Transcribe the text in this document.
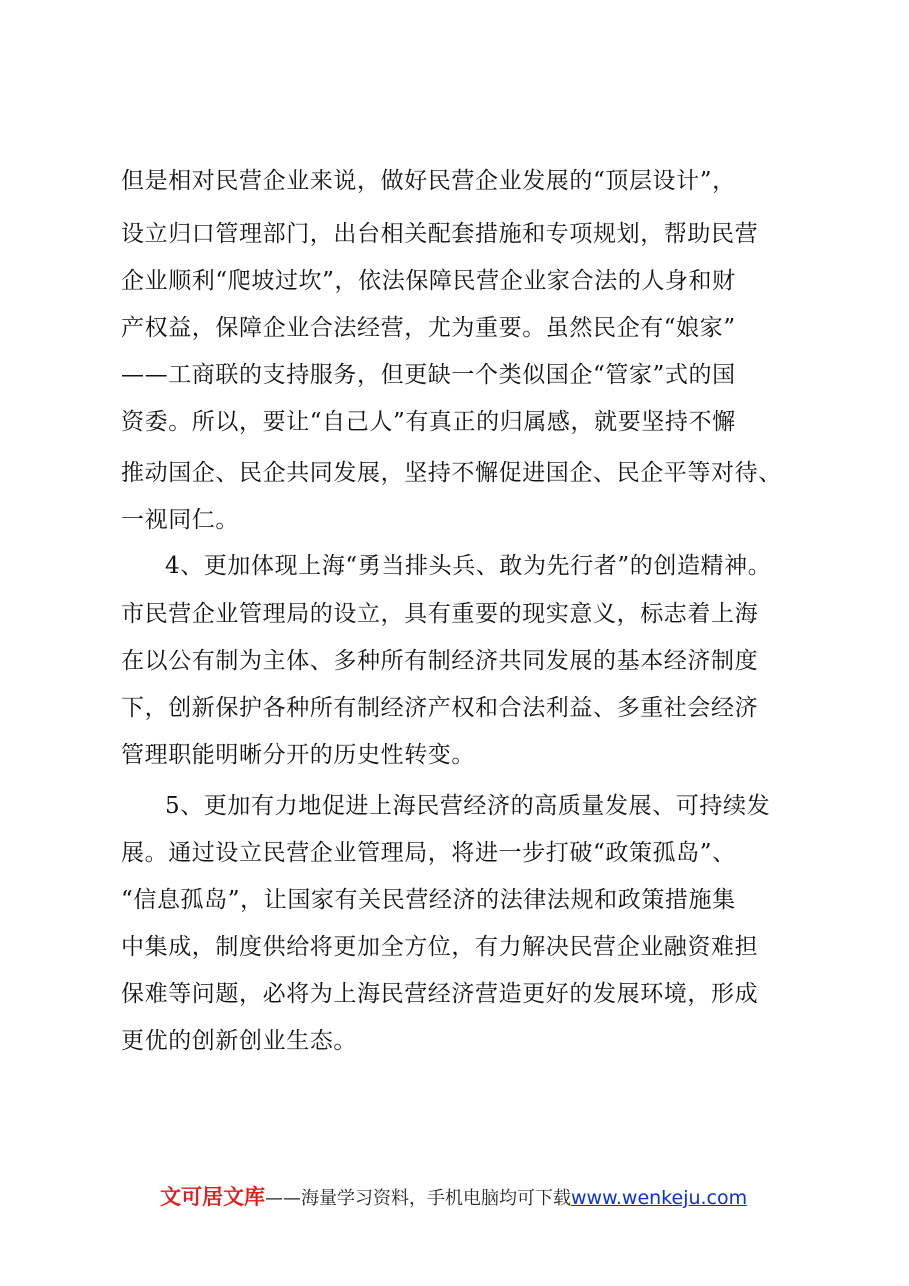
但是相对民营企业来说，做好民营企业发展的“顶层设计”，
设立归口管理部门，出台相关配套措施和专项规划，帮助民营
企业顺利“爬坡过坎”，依法保障民营企业家合法的人身和财
产权益，保障企业合法经营，尤为重要。虽然民企有“娘家”
——工商联的支持服务，但更缺一个类似国企“管家”式的国
资委。所以，要让“自己人”有真正的归属感，就要坚持不懈
推动国企、民企共同发展，坚持不懈促进国企、民企平等对待、
一视同仁。
4、更加体现上海“勇当排头兵、敢为先行者”的创造精神。
市民营企业管理局的设立，具有重要的现实意义，标志着上海
在以公有制为主体、多种所有制经济共同发展的基本经济制度
下，创新保护各种所有制经济产权和合法利益、多重社会经济
管理职能明晰分开的历史性转变。
5、更加有力地促进上海民营经济的高质量发展、可持续发
展。通过设立民营企业管理局，将进一步打破“政策孤岛”、
“信息孤岛”，让国家有关民营经济的法律法规和政策措施集
中集成，制度供给将更加全方位，有力解决民营企业融资难担
保难等问题，必将为上海民营经济营造更好的发展环境，形成
更优的创新创业生态。
文可居文库——海量学习资料，手机电脑均可下载www.wenkeju.com
